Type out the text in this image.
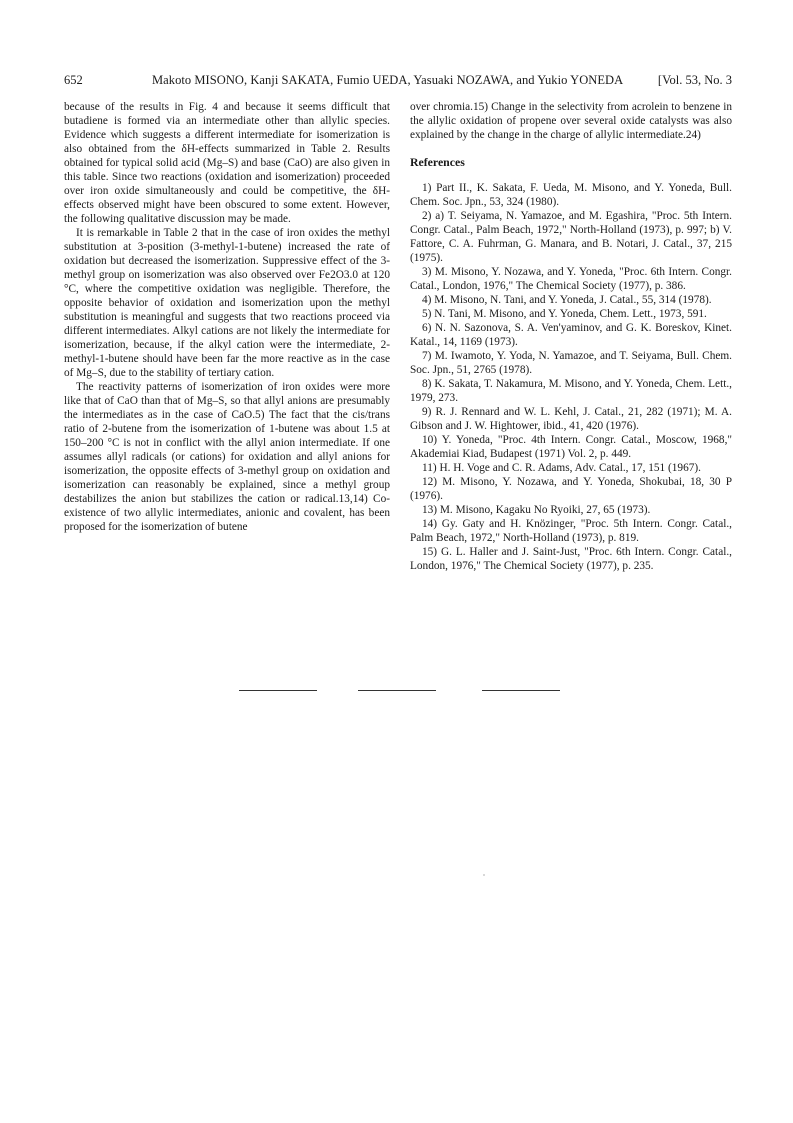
652	Makoto MISONO, Kanji SAKATA, Fumio UEDA, Yasuaki NOZAWA, and Yukio YONEDA	[Vol. 53, No. 3

because of the results in Fig. 4 and because it seems difficult that butadiene is formed via an intermediate other than allylic species. Evidence which suggests a different intermediate for isomerization is also obtained from the δH-effects summarized in Table 2. Results obtained for typical solid acid (Mg–S) and base (CaO) are also given in this table. Since two reactions (oxidation and isomerization) proceeded over iron oxide simultaneously and could be competitive, the δH-effects observed might have been obscured to some extent. However, the following qualitative discussion may be made.

It is remarkable in Table 2 that in the case of iron oxides the methyl substitution at 3-position (3-methyl-1-butene) increased the rate of oxidation but decreased the isomerization. Suppressive effect of the 3-methyl group on isomerization was also observed over Fe2O3.0 at 120 °C, where the competitive oxidation was negligible. Therefore, the opposite behavior of oxidation and isomerization upon the methyl substitution is meaningful and suggests that two reactions proceed via different intermediates. Alkyl cations are not likely the intermediate for isomerization, because, if the alkyl cation were the intermediate, 2-methyl-1-butene should have been far the more reactive as in the case of Mg–S, due to the stability of tertiary cation.

The reactivity patterns of isomerization of iron oxides were more like that of CaO than that of Mg–S, so that allyl anions are presumably the intermediates as in the case of CaO.5) The fact that the cis/trans ratio of 2-butene from the isomerization of 1-butene was about 1.5 at 150–200 °C is not in conflict with the allyl anion intermediate. If one assumes allyl radicals (or cations) for oxidation and allyl anions for isomerization, the opposite effects of 3-methyl group on oxidation and isomerization can reasonably be explained, since a methyl group destabilizes the anion but stabilizes the cation or radical.13,14) Co-existence of two allylic intermediates, anionic and covalent, has been proposed for the isomerization of butene

over chromia.15) Change in the selectivity from acrolein to benzene in the allylic oxidation of propene over several oxide catalysts was also explained by the change in the charge of allylic intermediate.24)

References

1) Part II., K. Sakata, F. Ueda, M. Misono, and Y. Yoneda, Bull. Chem. Soc. Jpn., 53, 324 (1980).

2) a) T. Seiyama, N. Yamazoe, and M. Egashira, "Proc. 5th Intern. Congr. Catal., Palm Beach, 1972," North-Holland (1973), p. 997; b) V. Fattore, C. A. Fuhrman, G. Manara, and B. Notari, J. Catal., 37, 215 (1975).

3) M. Misono, Y. Nozawa, and Y. Yoneda, "Proc. 6th Intern. Congr. Catal., London, 1976," The Chemical Society (1977), p. 386.

4) M. Misono, N. Tani, and Y. Yoneda, J. Catal., 55, 314 (1978).

5) N. Tani, M. Misono, and Y. Yoneda, Chem. Lett., 1973, 591.

6) N. N. Sazonova, S. A. Ven'yaminov, and G. K. Boreskov, Kinet. Katal., 14, 1169 (1973).

7) M. Iwamoto, Y. Yoda, N. Yamazoe, and T. Seiyama, Bull. Chem. Soc. Jpn., 51, 2765 (1978).

8) K. Sakata, T. Nakamura, M. Misono, and Y. Yoneda, Chem. Lett., 1979, 273.

9) R. J. Rennard and W. L. Kehl, J. Catal., 21, 282 (1971); M. A. Gibson and J. W. Hightower, ibid., 41, 420 (1976).

10) Y. Yoneda, "Proc. 4th Intern. Congr. Catal., Moscow, 1968," Akademiai Kiad, Budapest (1971) Vol. 2, p. 449.

11) H. H. Voge and C. R. Adams, Adv. Catal., 17, 151 (1967).

12) M. Misono, Y. Nozawa, and Y. Yoneda, Shokubai, 18, 30 P (1976).

13) M. Misono, Kagaku No Ryoiki, 27, 65 (1973).

14) Gy. Gaty and H. Knözinger, "Proc. 5th Intern. Congr. Catal., Palm Beach, 1972," North-Holland (1973), p. 819.

15) G. L. Haller and J. Saint-Just, "Proc. 6th Intern. Congr. Catal., London, 1976," The Chemical Society (1977), p. 235.
